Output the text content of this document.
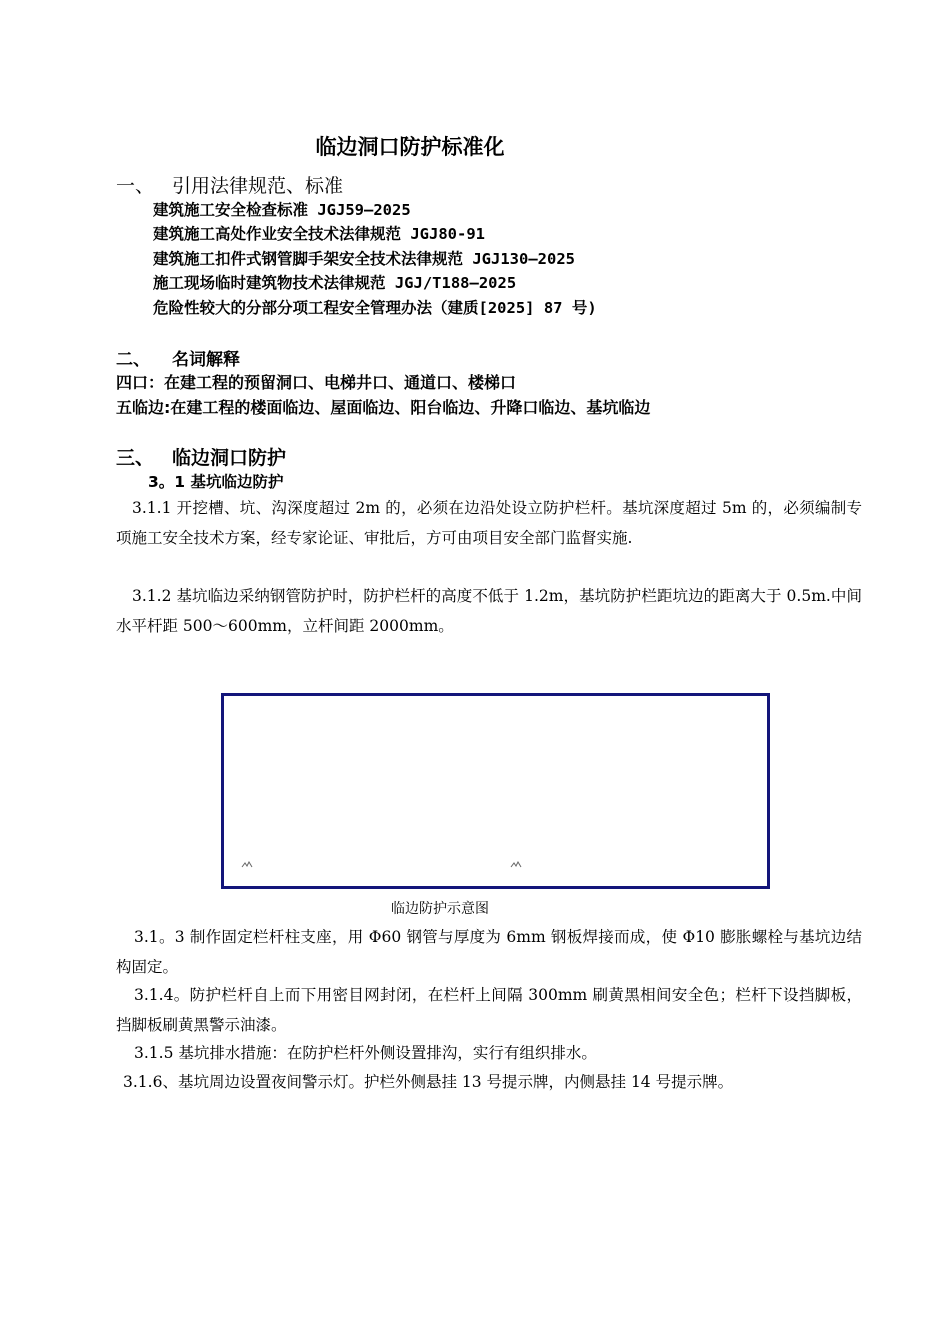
临边洞口防护标准化
一、 引用法律规范、标准
建筑施工安全检查标准 JGJ59—2025
建筑施工高处作业安全技术法律规范 JGJ80-91
建筑施工扣件式钢管脚手架安全技术法律规范 JGJ130—2025
施工现场临时建筑物技术法律规范 JGJ/T188—2025
危险性较大的分部分项工程安全管理办法（建质[2025] 87 号)
二、 名词解释
四口：在建工程的预留洞口、电梯井口、通道口、楼梯口
五临边:在建工程的楼面临边、屋面临边、阳台临边、升降口临边、基坑临边
三、 临边洞口防护
3。1 基坑临边防护
3.1.1 开挖槽、坑、沟深度超过 2m 的，必须在边沿处设立防护栏杆。基坑深度超过 5m 的，必须编制专项施工安全技术方案，经专家论证、审批后，方可由项目安全部门监督实施.
3.1.2 基坑临边采纳钢管防护时，防护栏杆的高度不低于 1.2m，基坑防护栏距坑边的距离大于 0.5m.中间水平杆距 500～600mm，立杆间距 2000mm。
临边防护示意图
3.1。3 制作固定栏杆柱支座，用 Φ60 钢管与厚度为 6mm 钢板焊接而成，使 Φ10 膨胀螺栓与基坑边结构固定。
3.1.4。防护栏杆自上而下用密目网封闭，在栏杆上间隔 300mm 刷黄黑相间安全色；栏杆下设挡脚板，挡脚板刷黄黑警示油漆。
3.1.5 基坑排水措施：在防护栏杆外侧设置排沟，实行有组织排水。
3.1.6、基坑周边设置夜间警示灯。护栏外侧悬挂 13 号提示牌，内侧悬挂 14 号提示牌。
